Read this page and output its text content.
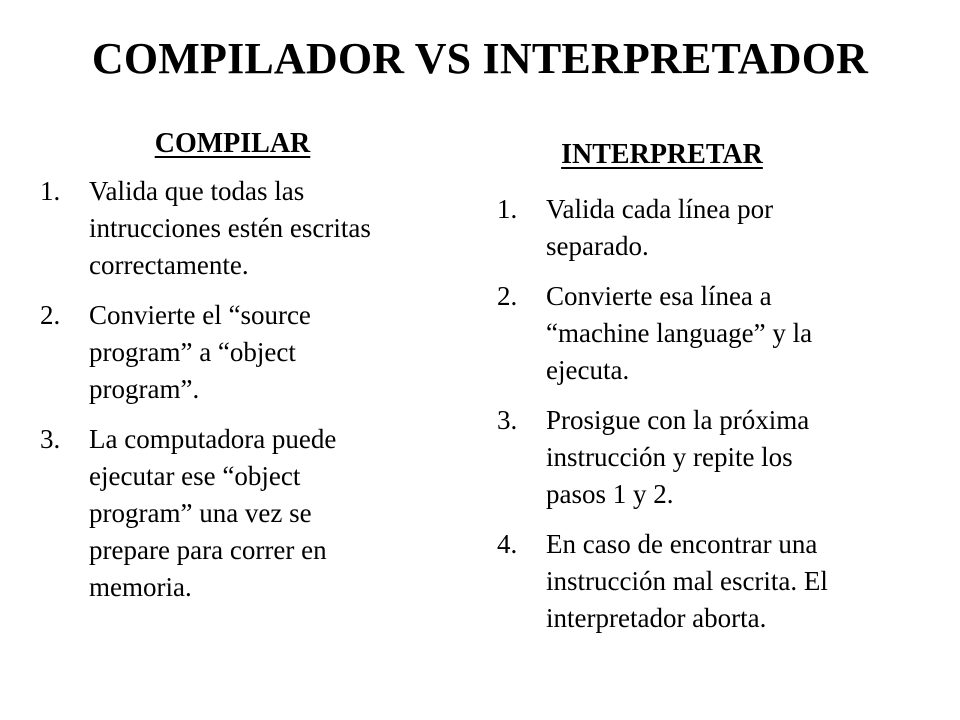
COMPILADOR VS INTERPRETADOR
COMPILAR
1.	Valida que todas las
intrucciones estén escritas
correctamente.
2.	Convierte el “source
program” a “object
program”.
3.	La computadora puede
ejecutar ese “object
program” una vez se
prepare para correr en
memoria.
INTERPRETAR
1.	Valida cada línea por
separado.
2.	Convierte esa línea a
“machine language” y la
ejecuta.
3.	Prosigue con la próxima
instrucción y repite los
pasos 1 y 2.
4.	En caso de encontrar una
instrucción mal escrita. El
interpretador aborta.
